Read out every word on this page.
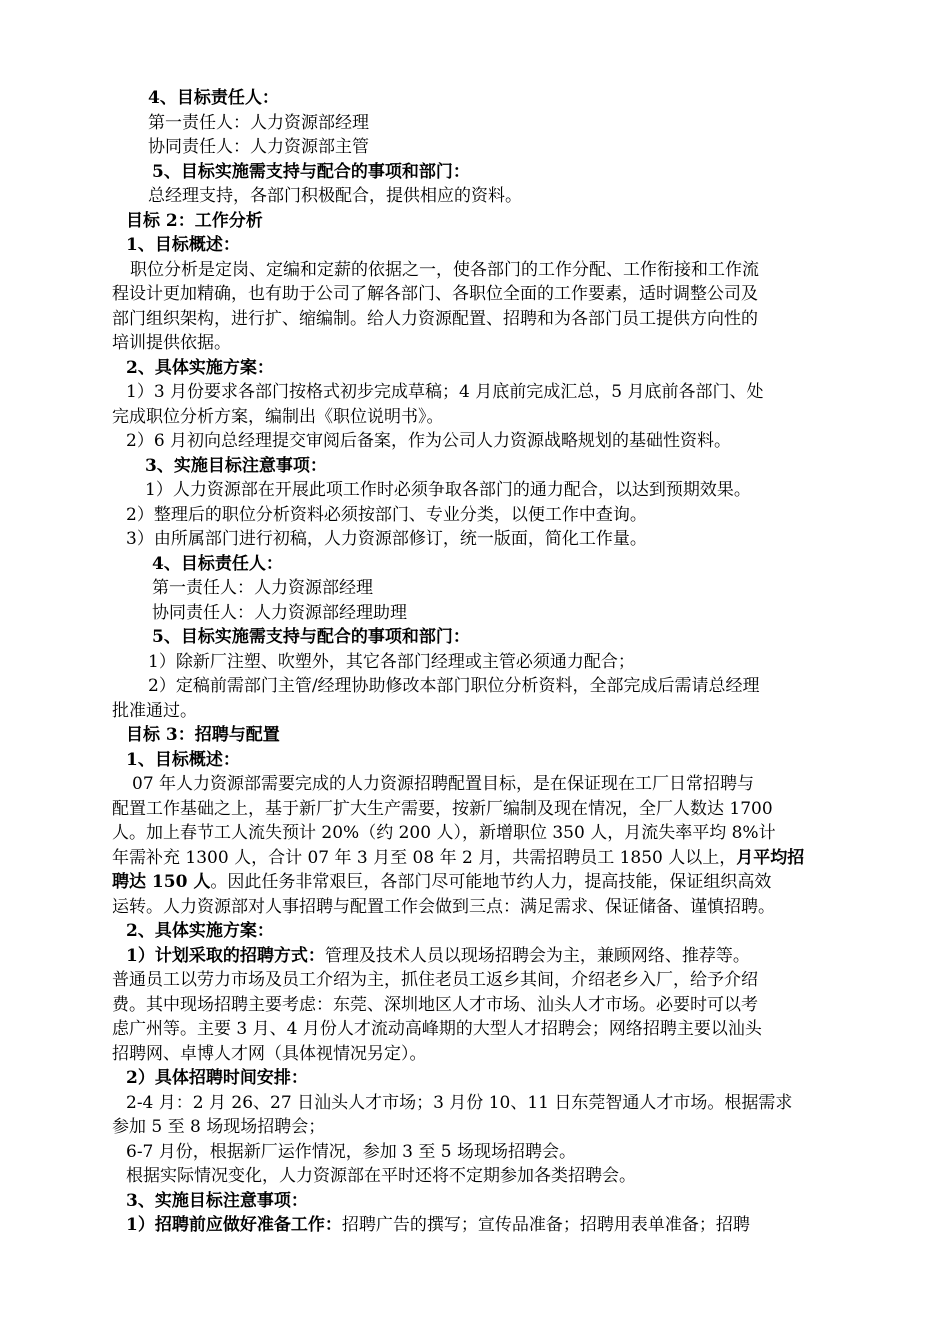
4、目标责任人：
第一责任人：人力资源部经理
协同责任人：人力资源部主管
5、目标实施需支持与配合的事项和部门：
总经理支持，各部门积极配合，提供相应的资料。
目标 2：工作分析
1、目标概述：
职位分析是定岗、定编和定薪的依据之一，使各部门的工作分配、工作衔接和工作流
程设计更加精确，也有助于公司了解各部门、各职位全面的工作要素，适时调整公司及
部门组织架构，进行扩、缩编制。给人力资源配置、招聘和为各部门员工提供方向性的
培训提供依据。
2、具体实施方案：
1）3 月份要求各部门按格式初步完成草稿；4 月底前完成汇总，5 月底前各部门、处
完成职位分析方案，编制出《职位说明书》。
2）6 月初向总经理提交审阅后备案，作为公司人力资源战略规划的基础性资料。
3、实施目标注意事项：
1）人力资源部在开展此项工作时必须争取各部门的通力配合，以达到预期效果。
2）整理后的职位分析资料必须按部门、专业分类，以便工作中查询。
3）由所属部门进行初稿，人力资源部修订，统一版面，简化工作量。
4、目标责任人：
第一责任人：人力资源部经理
协同责任人：人力资源部经理助理
5、目标实施需支持与配合的事项和部门：
1）除新厂注塑、吹塑外，其它各部门经理或主管必须通力配合；
2）定稿前需部门主管/经理协助修改本部门职位分析资料，全部完成后需请总经理
批准通过。
目标 3：招聘与配置
1、目标概述：
07 年人力资源部需要完成的人力资源招聘配置目标，是在保证现在工厂日常招聘与
配置工作基础之上，基于新厂扩大生产需要，按新厂编制及现在情况，全厂人数达 1700
人。加上春节工人流失预计 20%（约 200 人），新增职位 350 人，月流失率平均 8%计
年需补充 1300 人，合计 07 年 3 月至 08 年 2 月，共需招聘员工 1850 人以上，月平均招
聘达 150 人。因此任务非常艰巨，各部门尽可能地节约人力，提高技能，保证组织高效
运转。人力资源部对人事招聘与配置工作会做到三点：满足需求、保证储备、谨慎招聘。
2、具体实施方案：
1）计划采取的招聘方式：管理及技术人员以现场招聘会为主，兼顾网络、推荐等。
普通员工以劳力市场及员工介绍为主，抓住老员工返乡其间，介绍老乡入厂，给予介绍
费。其中现场招聘主要考虑：东莞、深圳地区人才市场、汕头人才市场。必要时可以考
虑广州等。主要 3 月、4 月份人才流动高峰期的大型人才招聘会；网络招聘主要以汕头
招聘网、卓博人才网（具体视情况另定）。
2）具体招聘时间安排：
2-4 月：2 月 26、27 日汕头人才市场；3 月份 10、11 日东莞智通人才市场。根据需求
参加 5 至 8 场现场招聘会；
6-7 月份，根据新厂运作情况，参加 3 至 5 场现场招聘会。
根据实际情况变化，人力资源部在平时还将不定期参加各类招聘会。
3、实施目标注意事项：
1）招聘前应做好准备工作：招聘广告的撰写；宣传品准备；招聘用表单准备；招聘
